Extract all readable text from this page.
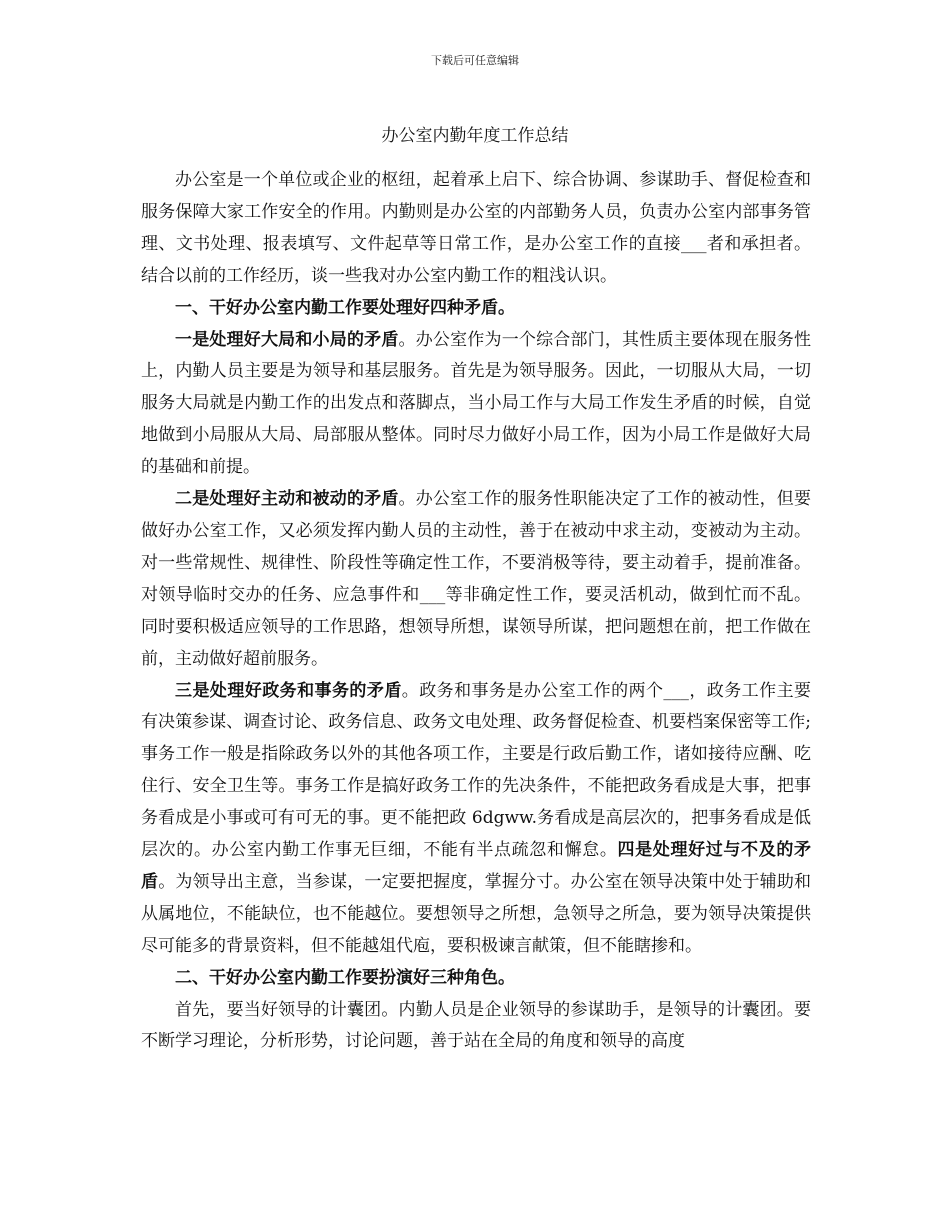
下载后可任意编辑
办公室内勤年度工作总结

办公室是一个单位或企业的枢纽，起着承上启下、综合协调、参谋助手、督促检查和服务保障大家工作安全的作用。内勤则是办公室的内部勤务人员，负责办公室内部事务管理、文书处理、报表填写、文件起草等日常工作，是办公室工作的直接___者和承担者。结合以前的工作经历，谈一些我对办公室内勤工作的粗浅认识。

一、干好办公室内勤工作要处理好四种矛盾。

一是处理好大局和小局的矛盾。办公室作为一个综合部门，其性质主要体现在服务性上，内勤人员主要是为领导和基层服务。首先是为领导服务。因此，一切服从大局，一切服务大局就是内勤工作的出发点和落脚点，当小局工作与大局工作发生矛盾的时候，自觉地做到小局服从大局、局部服从整体。同时尽力做好小局工作，因为小局工作是做好大局的基础和前提。

二是处理好主动和被动的矛盾。办公室工作的服务性职能决定了工作的被动性，但要做好办公室工作，又必须发挥内勤人员的主动性，善于在被动中求主动，变被动为主动。对一些常规性、规律性、阶段性等确定性工作，不要消极等待，要主动着手，提前准备。对领导临时交办的任务、应急事件和___等非确定性工作，要灵活机动，做到忙而不乱。同时要积极适应领导的工作思路，想领导所想，谋领导所谋，把问题想在前，把工作做在前，主动做好超前服务。

三是处理好政务和事务的矛盾。政务和事务是办公室工作的两个___，政务工作主要有决策参谋、调查讨论、政务信息、政务文电处理、政务督促检查、机要档案保密等工作;事务工作一般是指除政务以外的其他各项工作，主要是行政后勤工作，诸如接待应酬、吃住行、安全卫生等。事务工作是搞好政务工作的先决条件，不能把政务看成是大事，把事务看成是小事或可有可无的事。更不能把政 6dgww.务看成是高层次的，把事务看成是低层次的。办公室内勤工作事无巨细，不能有半点疏忽和懈怠。四是处理好过与不及的矛盾。为领导出主意，当参谋，一定要把握度，掌握分寸。办公室在领导决策中处于辅助和从属地位，不能缺位，也不能越位。要想领导之所想，急领导之所急，要为领导决策提供尽可能多的背景资料，但不能越俎代庖，要积极谏言献策，但不能瞎掺和。

二、干好办公室内勤工作要扮演好三种角色。

首先，要当好领导的计囊团。内勤人员是企业领导的参谋助手，是领导的计囊团。要不断学习理论，分析形势，讨论问题，善于站在全局的角度和领导的高度
